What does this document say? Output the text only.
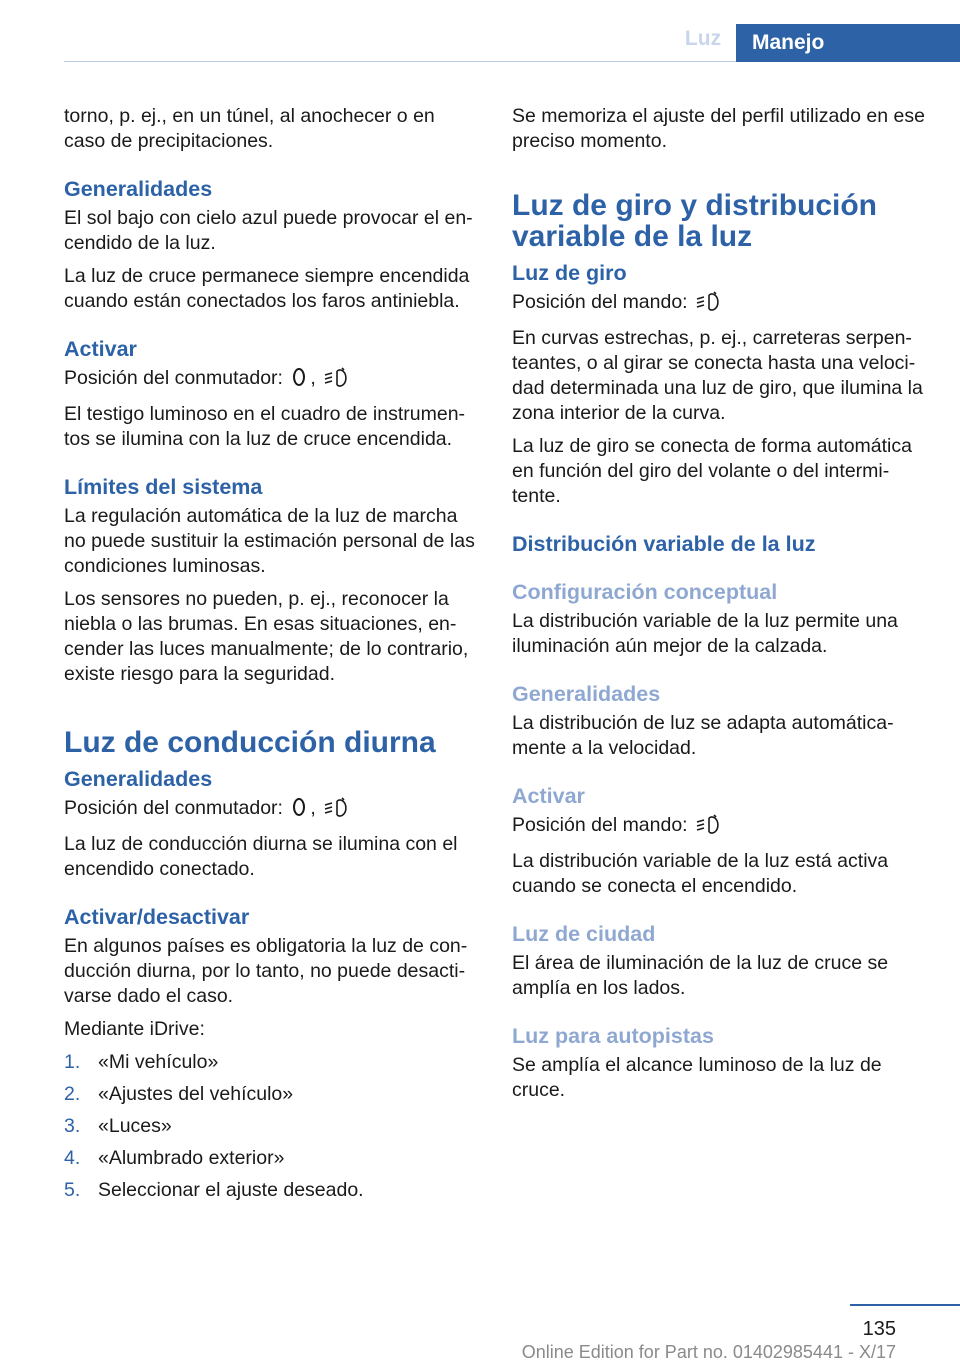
Luz	Manejo

torno, p. ej., en un túnel, al anochecer o en caso de precipitaciones.

Generalidades

El sol bajo con cielo azul puede provocar el en‐cendido de la luz.

La luz de cruce permanece siempre encendida cuando están conectados los faros antiniebla.

Activar

Posición del conmutador: ,

El testigo luminoso en el cuadro de instrumen‐tos se ilumina con la luz de cruce encendida.

Límites del sistema

La regulación automática de la luz de marcha no puede sustituir la estimación personal de las condiciones luminosas.

Los sensores no pueden, p. ej., reconocer la niebla o las brumas. En esas situaciones, en‐cender las luces manualmente; de lo contrario, existe riesgo para la seguridad.

Luz de conducción diurna
Generalidades

Posición del conmutador: ,

La luz de conducción diurna se ilumina con el encendido conectado.

Activar/desactivar

En algunos países es obligatoria la luz de con‐ducción diurna, por lo tanto, no puede desacti‐varse dado el caso.

Mediante iDrive:

1. «Mi vehículo»
2. «Ajustes del vehículo»
3. «Luces»
4. «Alumbrado exterior»
5. Seleccionar el ajuste deseado.

Se memoriza el ajuste del perfil utilizado en ese preciso momento.

Luz de giro y distribución variable de la luz
Luz de giro

Posición del mando:

En curvas estrechas, p. ej., carreteras serpen‐teantes, o al girar se conecta hasta una veloci‐dad determinada una luz de giro, que ilumina la zona interior de la curva.

La luz de giro se conecta de forma automática en función del giro del volante o del intermi‐tente.

Distribución variable de la luz
Configuración conceptual

La distribución variable de la luz permite una iluminación aún mejor de la calzada.

Generalidades

La distribución de luz se adapta automática‐mente a la velocidad.

Activar

Posición del mando:

La distribución variable de la luz está activa cuando se conecta el encendido.

Luz de ciudad

El área de iluminación de la luz de cruce se amplía en los lados.

Luz para autopistas

Se amplía el alcance luminoso de la luz de cruce.

135
Online Edition for Part no. 01402985441 - X/17
